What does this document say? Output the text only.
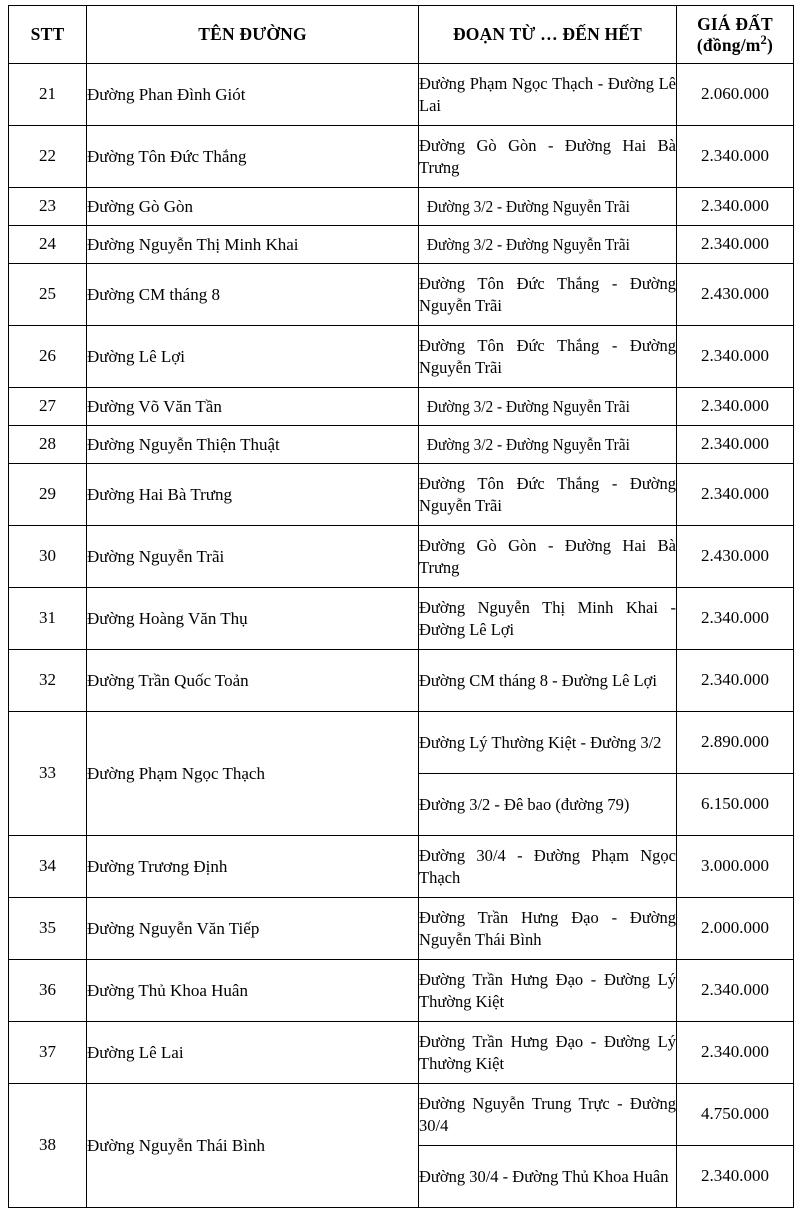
STT	TÊN ĐƯỜNG	ĐOẠN TỪ … ĐẾN HẾT	GIÁ ĐẤT
$(đồng/m^2)$

21	Đường Phan Đình Giót	Đường Phạm Ngọc Thạch - Đường Lê Lai	2.060.000
22	Đường Tôn Đức Thắng	Đường Gò Gòn - Đường Hai Bà Trưng	2.340.000
23	Đường Gò Gòn	Đường 3/2 - Đường Nguyễn Trãi	2.340.000
24	Đường Nguyễn Thị Minh Khai	Đường 3/2 - Đường Nguyễn Trãi	2.340.000
25	Đường CM tháng 8	Đường Tôn Đức Thắng - Đường Nguyễn Trãi	2.430.000
26	Đường Lê Lợi	Đường Tôn Đức Thắng - Đường Nguyễn Trãi	2.340.000
27	Đường Võ Văn Tần	Đường 3/2 - Đường Nguyễn Trãi	2.340.000
28	Đường Nguyễn Thiện Thuật	Đường 3/2 - Đường Nguyễn Trãi	2.340.000
29	Đường Hai Bà Trưng	Đường Tôn Đức Thắng - Đường Nguyễn Trãi	2.340.000
30	Đường Nguyễn Trãi	Đường Gò Gòn - Đường Hai Bà Trưng	2.430.000
31	Đường Hoàng Văn Thụ	Đường Nguyễn Thị Minh Khai - Đường Lê Lợi	2.340.000
32	Đường Trần Quốc Toản	Đường CM tháng 8 - Đường Lê Lợi	2.340.000
33	Đường Phạm Ngọc Thạch	Đường Lý Thường Kiệt - Đường 3/2	2.890.000
		Đường 3/2 - Đê bao (đường 79)	6.150.000
34	Đường Trương Định	Đường 30/4 - Đường Phạm Ngọc Thạch	3.000.000
35	Đường Nguyễn Văn Tiếp	Đường Trần Hưng Đạo - Đường Nguyễn Thái Bình	2.000.000
36	Đường Thủ Khoa Huân	Đường Trần Hưng Đạo - Đường Lý Thường Kiệt	2.340.000
37	Đường Lê Lai	Đường Trần Hưng Đạo - Đường Lý Thường Kiệt	2.340.000
38	Đường Nguyễn Thái Bình	Đường Nguyễn Trung Trực - Đường 30/4	4.750.000
		Đường 30/4 - Đường Thủ Khoa Huân	2.340.000
